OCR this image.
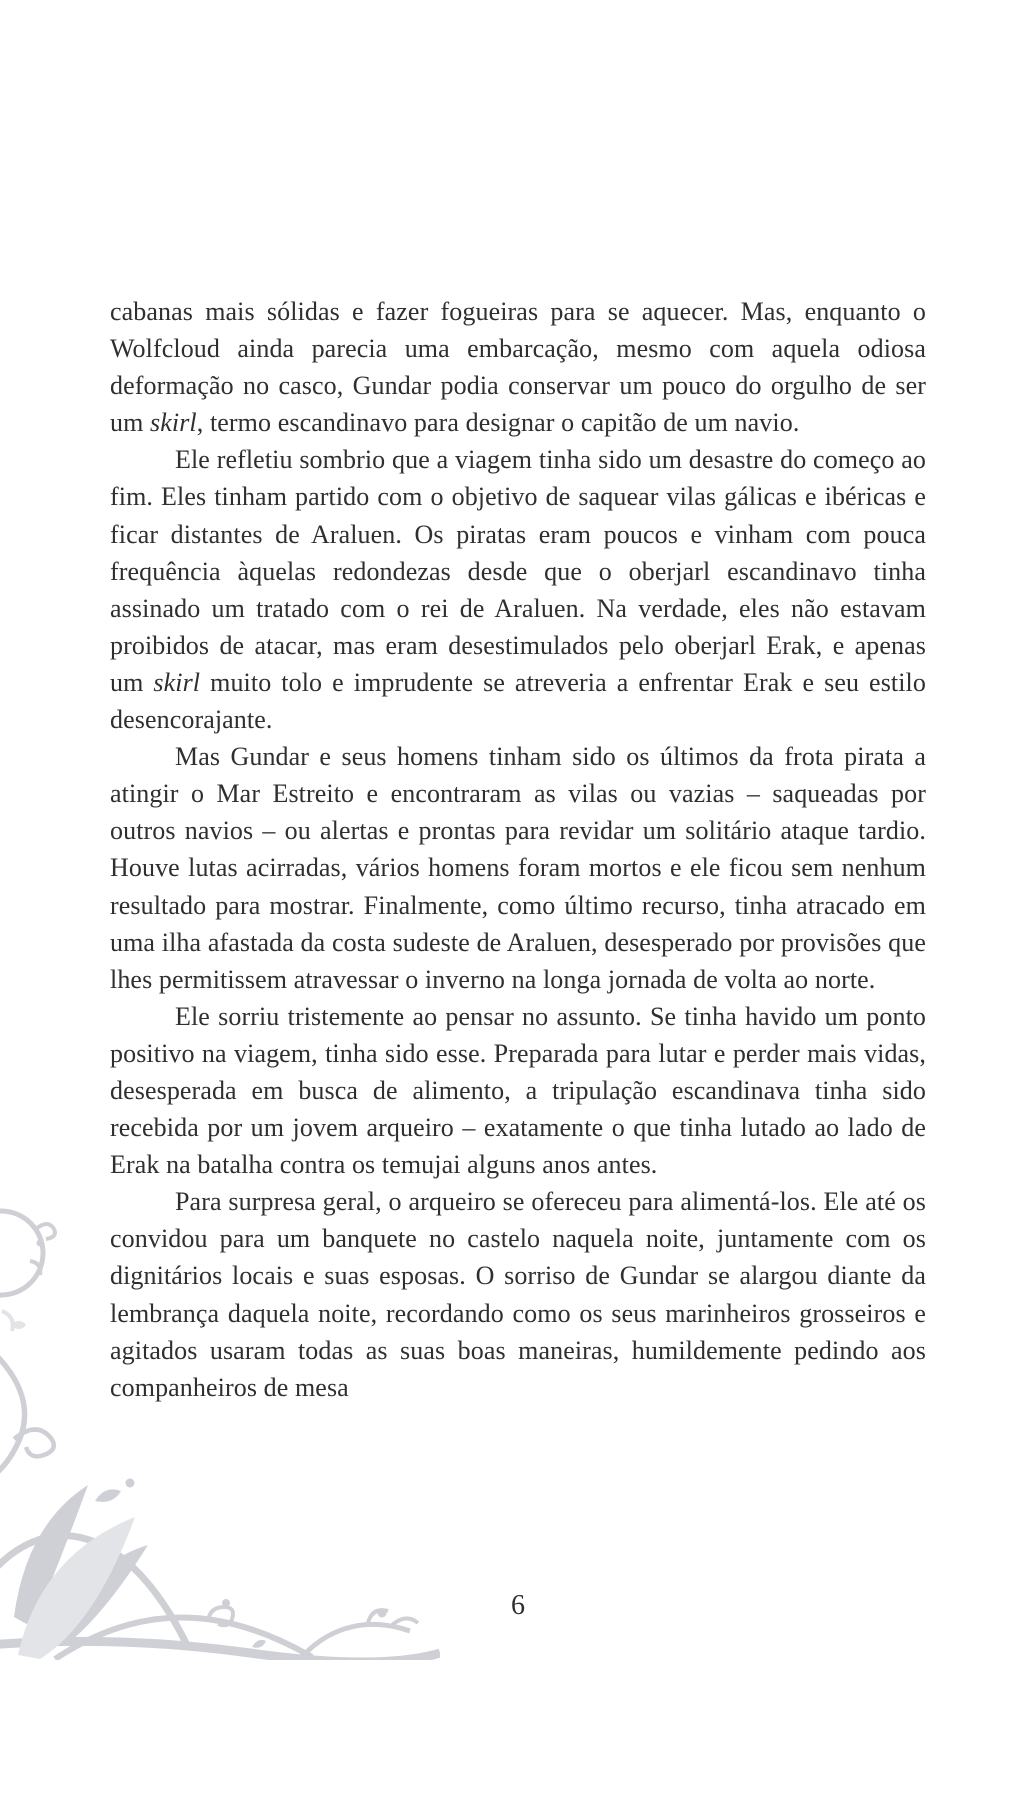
cabanas mais sólidas e fazer fogueiras para se aquecer. Mas, enquanto o Wolfcloud ainda parecia uma embarcação, mesmo com aquela odiosa deformação no casco, Gundar podia conservar um pouco do orgulho de ser um skirl, termo escandinavo para designar o capitão de um navio.

Ele refletiu sombrio que a viagem tinha sido um desastre do começo ao fim. Eles tinham partido com o objetivo de saquear vilas gálicas e ibéricas e ficar distantes de Araluen. Os piratas eram poucos e vinham com pouca frequência àquelas redondezas desde que o oberjarl escandinavo tinha assinado um tratado com o rei de Araluen. Na verdade, eles não estavam proibidos de atacar, mas eram desestimulados pelo oberjarl Erak, e apenas um skirl muito tolo e imprudente se atreveria a enfrentar Erak e seu estilo desencorajante.

Mas Gundar e seus homens tinham sido os últimos da frota pirata a atingir o Mar Estreito e encontraram as vilas ou vazias – saqueadas por outros navios – ou alertas e prontas para revidar um solitário ataque tardio. Houve lutas acirradas, vários homens foram mortos e ele ficou sem nenhum resultado para mostrar. Finalmente, como último recurso, tinha atracado em uma ilha afastada da costa sudeste de Araluen, desesperado por provisões que lhes permitissem atravessar o inverno na longa jornada de volta ao norte.

Ele sorriu tristemente ao pensar no assunto. Se tinha havido um ponto positivo na viagem, tinha sido esse. Preparada para lutar e perder mais vidas, desesperada em busca de alimento, a tripulação escandinava tinha sido recebida por um jovem arqueiro – exatamente o que tinha lutado ao lado de Erak na batalha contra os temujai alguns anos antes.

Para surpresa geral, o arqueiro se ofereceu para alimentá-los. Ele até os convidou para um banquete no castelo naquela noite, juntamente com os dignitários locais e suas esposas. O sorriso de Gundar se alargou diante da lembrança daquela noite, recordando como os seus marinheiros grosseiros e agitados usaram todas as suas boas maneiras, humildemente pedindo aos companheiros de mesa

6
